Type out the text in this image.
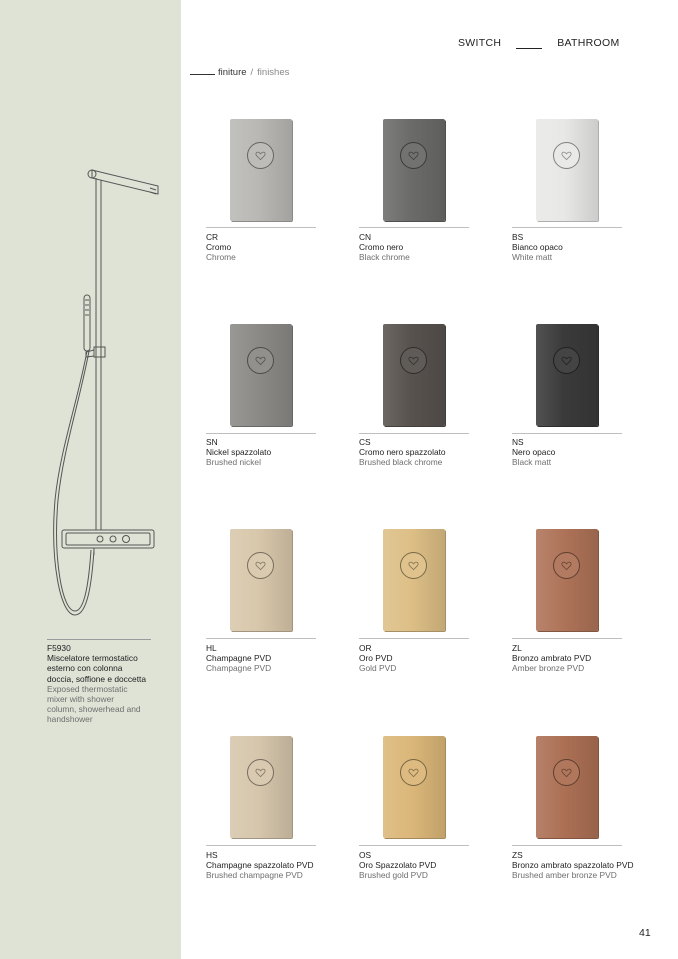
F5930
Miscelatore termostatico
esterno con colonna
doccia, soffione e doccetta
Exposed thermostatic
mixer with shower
column, showerhead and
handshower
SWITCH	BATHROOM
finiture / finishes
CR
Cromo
Chrome
CN
Cromo nero
Black chrome
BS
Bianco opaco
White matt
SN
Nickel spazzolato
Brushed nickel
CS
Cromo nero spazzolato
Brushed black chrome
NS
Nero opaco
Black matt
HL
Champagne PVD
Champagne PVD
OR
Oro PVD
Gold PVD
ZL
Bronzo ambrato PVD
Amber bronze PVD
HS
Champagne spazzolato PVD
Brushed champagne PVD
OS
Oro Spazzolato PVD
Brushed gold PVD
ZS
Bronzo ambrato spazzolato PVD
Brushed amber bronze PVD
41
